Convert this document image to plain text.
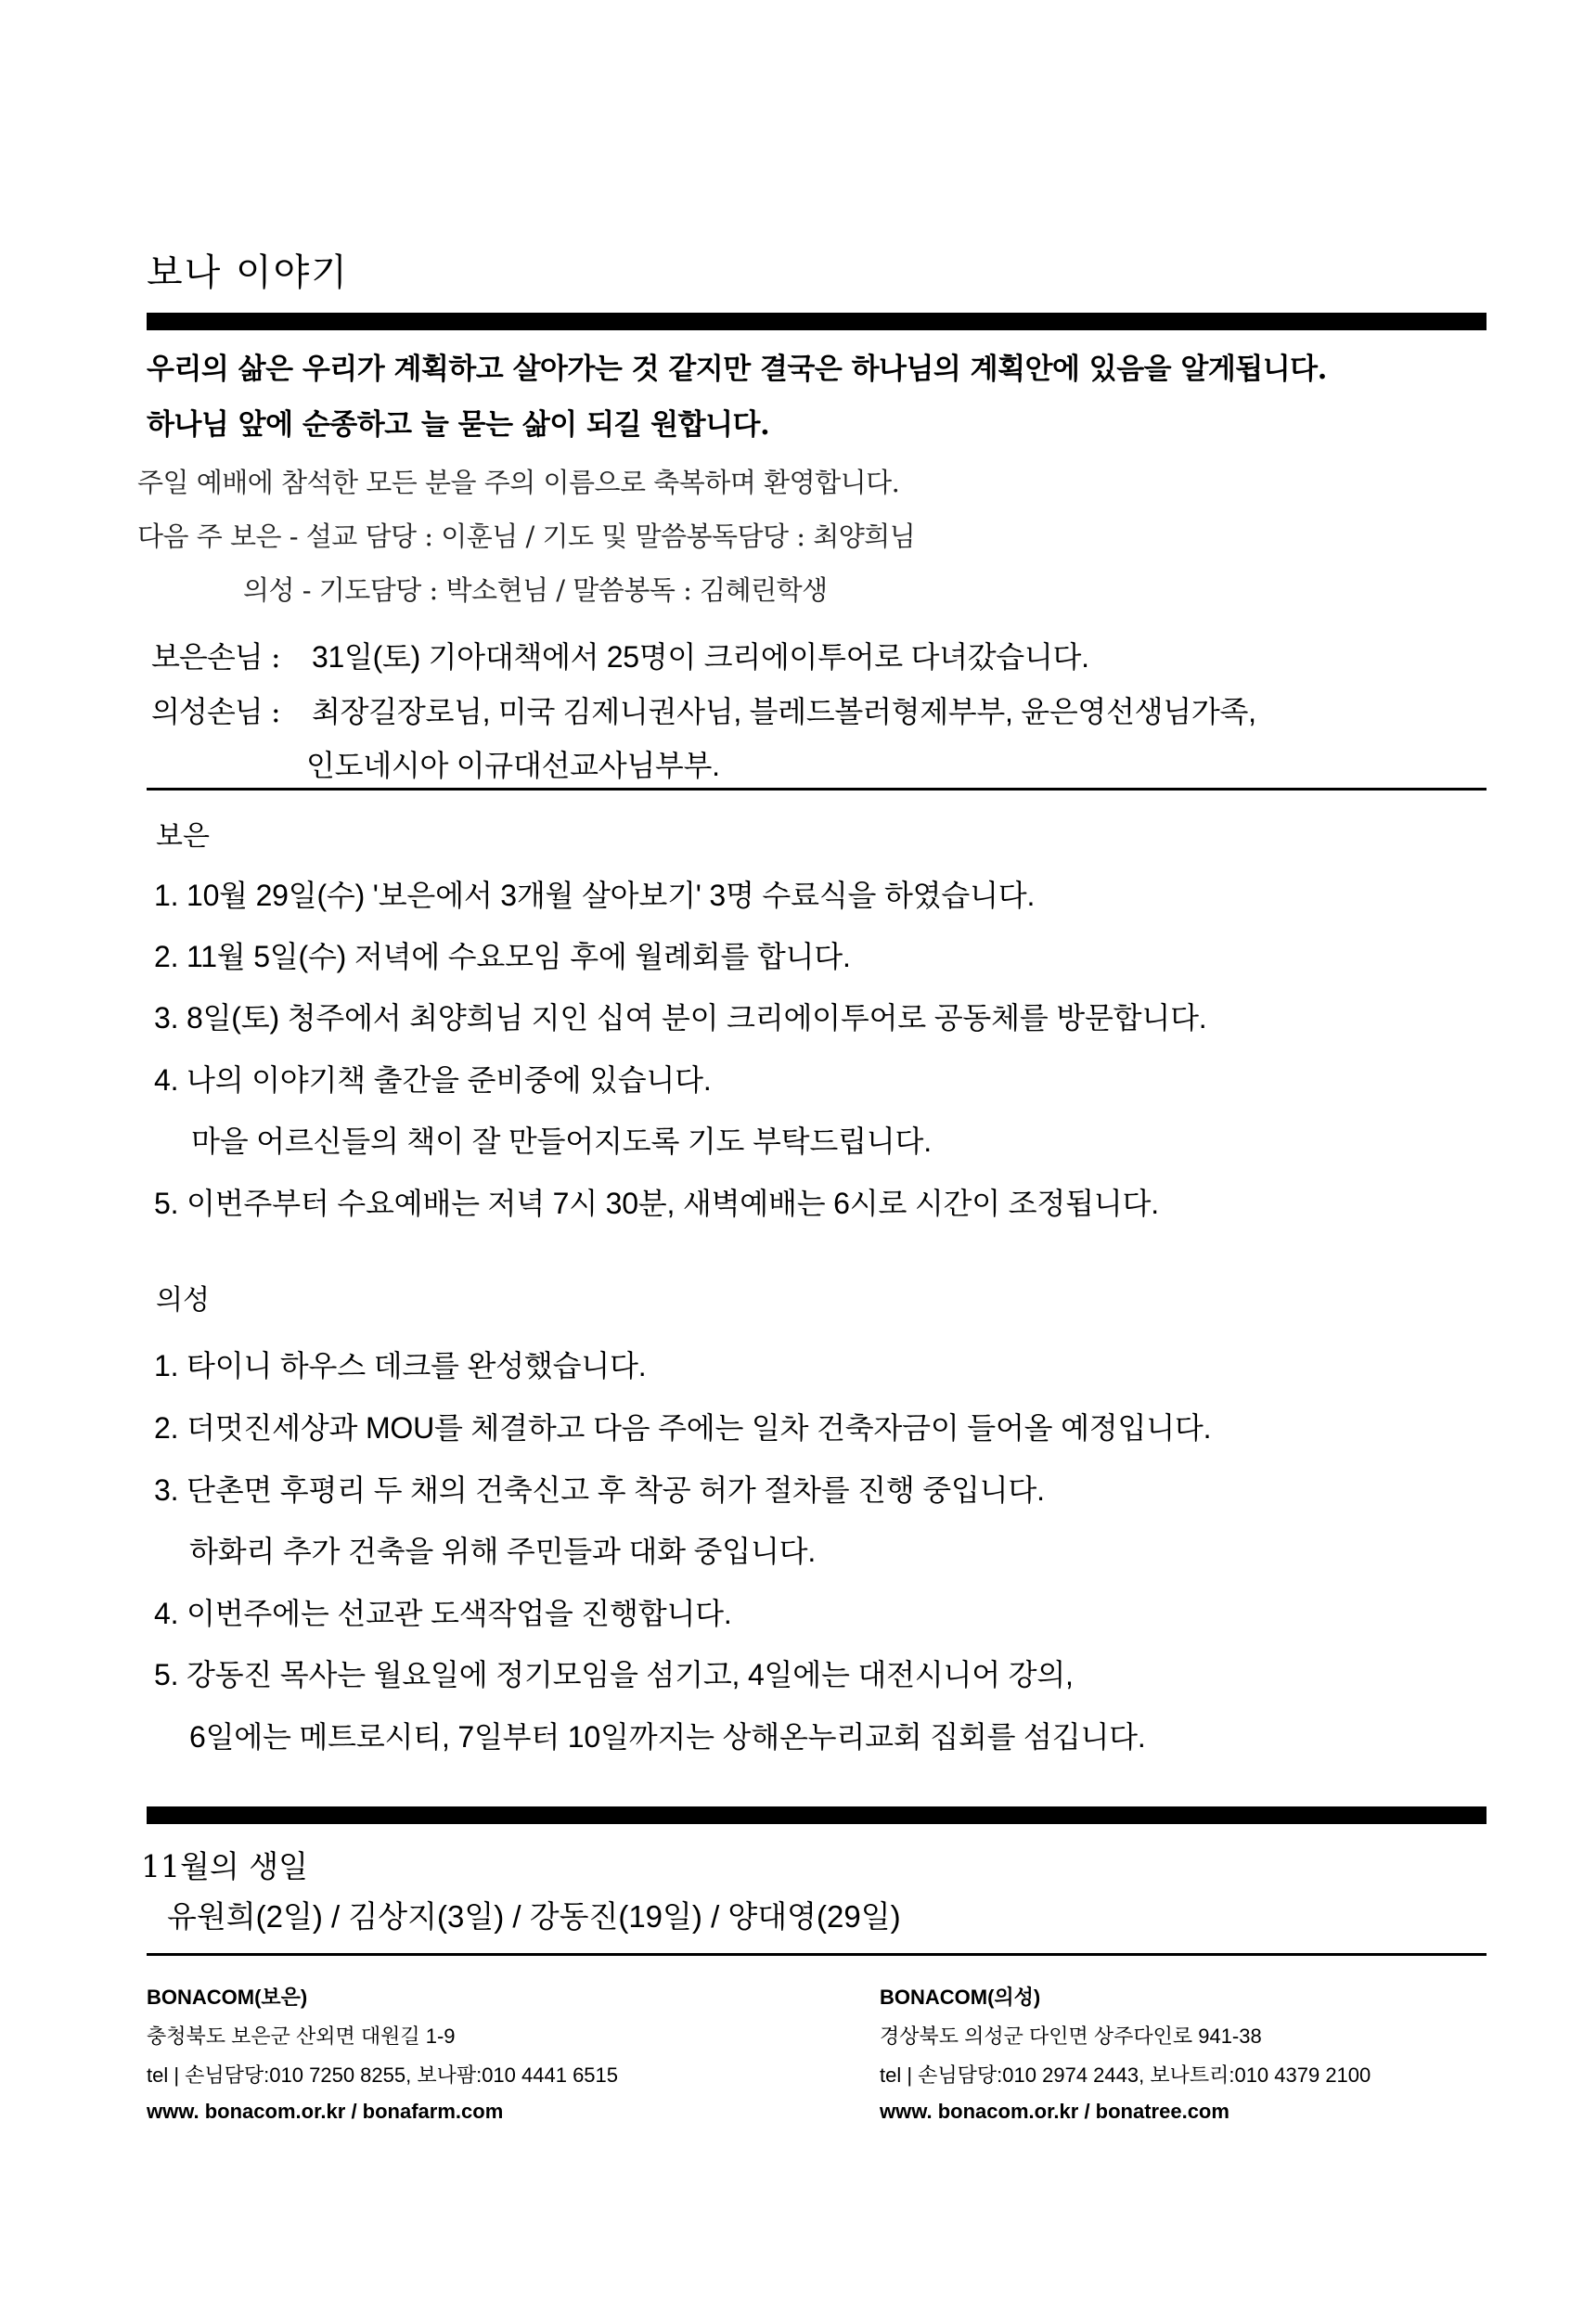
보나 이야기
우리의 삶은 우리가 계획하고 살아가는 것 같지만 결국은 하나님의 계획안에 있음을 알게됩니다.
하나님 앞에 순종하고 늘 묻는 삶이 되길 원합니다.
주일 예배에 참석한 모든 분을 주의 이름으로 축복하며 환영합니다.
다음 주 보은 - 설교 담당 : 이훈님 / 기도 및 말씀봉독담당 : 최양희님
의성 - 기도담당 : 박소현님 / 말씀봉독 : 김혜린학생
보은손님 : 31일(토) 기아대책에서 25명이 크리에이투어로 다녀갔습니다.
의성손님 : 최장길장로님, 미국 김제니권사님, 블레드볼러형제부부, 윤은영선생님가족,
인도네시아 이규대선교사님부부.
보은
1. 10월 29일(수) '보은에서 3개월 살아보기' 3명 수료식을 하였습니다.
2. 11월 5일(수) 저녁에 수요모임 후에 월례회를 합니다.
3. 8일(토) 청주에서 최양희님 지인 십여 분이 크리에이투어로 공동체를 방문합니다.
4. 나의 이야기책 출간을 준비중에 있습니다.
마을 어르신들의 책이 잘 만들어지도록 기도 부탁드립니다.
5. 이번주부터 수요예배는 저녁 7시 30분, 새벽예배는 6시로 시간이 조정됩니다.
의성
1. 타이니 하우스 데크를 완성했습니다.
2. 더멋진세상과 MOU를 체결하고 다음 주에는 일차 건축자금이 들어올 예정입니다.
3. 단촌면 후평리 두 채의 건축신고 후 착공 허가 절차를 진행 중입니다.
하화리 추가 건축을 위해 주민들과 대화 중입니다.
4. 이번주에는 선교관 도색작업을 진행합니다.
5. 강동진 목사는 월요일에 정기모임을 섬기고, 4일에는 대전시니어 강의,
6일에는 메트로시티, 7일부터 10일까지는 상해온누리교회 집회를 섬깁니다.
11월의 생일
유원희(2일) / 김상지(3일) / 강동진(19일) / 양대영(29일)
BONACOM(보은)
충청북도 보은군 산외면 대원길 1-9
tel | 손님담당:010 7250 8255, 보나팜:010 4441 6515
www. bonacom.or.kr / bonafarm.com
BONACOM(의성)
경상북도 의성군 다인면 상주다인로 941-38
tel | 손님담당:010 2974 2443, 보나트리:010 4379 2100
www. bonacom.or.kr / bonatree.com
